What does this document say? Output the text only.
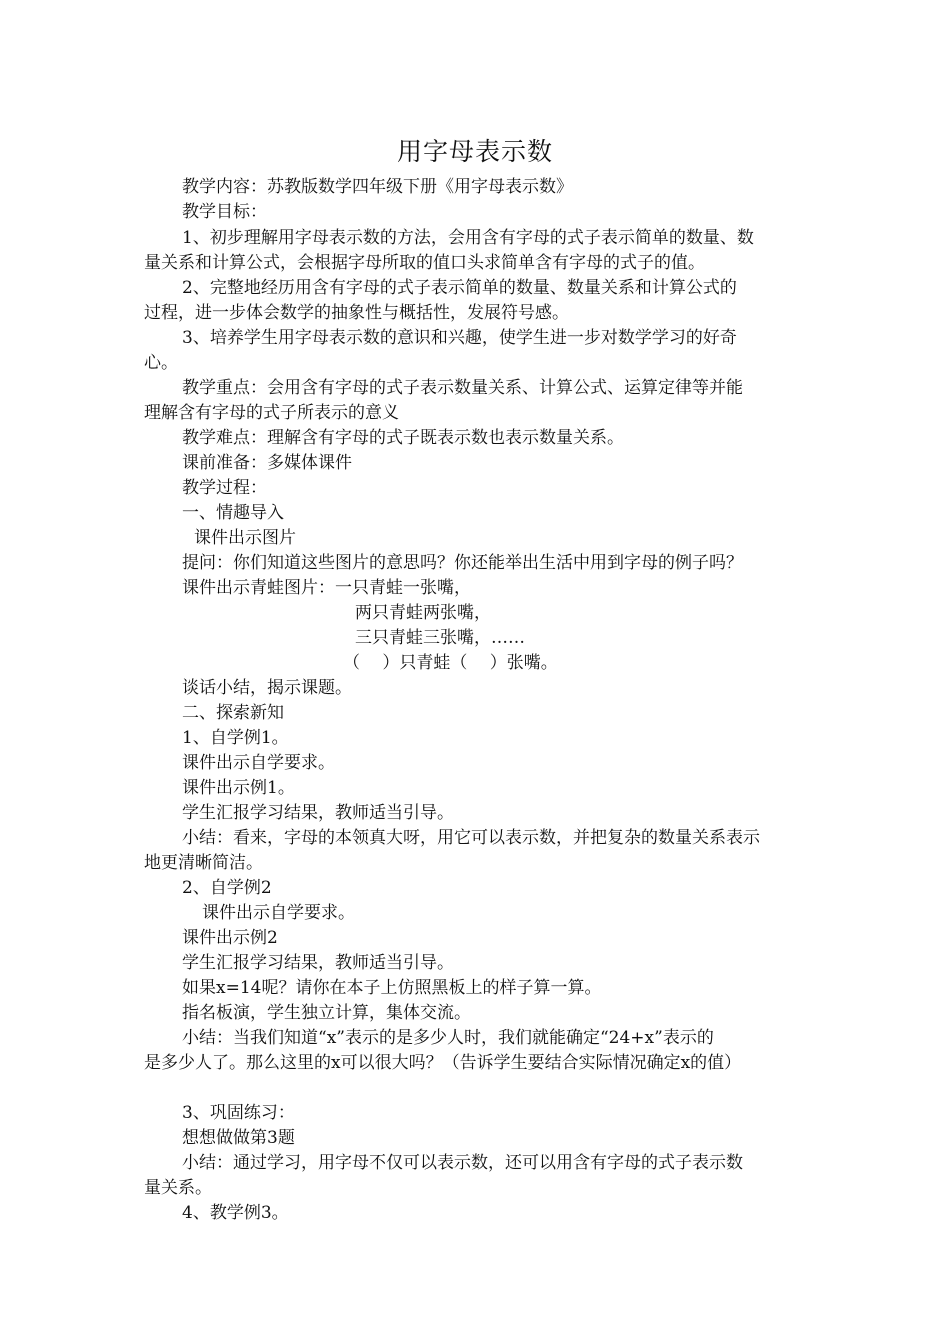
用字母表示数
教学内容：苏教版数学四年级下册《用字母表示数》
教学目标：
1、初步理解用字母表示数的方法，会用含有字母的式子表示简单的数量、数
量关系和计算公式，会根据字母所取的值口头求简单含有字母的式子的值。
2、完整地经历用含有字母的式子表示简单的数量、数量关系和计算公式的
过程，进一步体会数学的抽象性与概括性，发展符号感。
3、培养学生用字母表示数的意识和兴趣，使学生进一步对数学学习的好奇
心。
教学重点：会用含有字母的式子表示数量关系、计算公式、运算定律等并能
理解含有字母的式子所表示的意义
教学难点：理解含有字母的式子既表示数也表示数量关系。
课前准备：多媒体课件
教学过程：
一、情趣导入
课件出示图片
提问：你们知道这些图片的意思吗？你还能举出生活中用到字母的例子吗？
课件出示青蛙图片：一只青蛙一张嘴，
两只青蛙两张嘴，
三只青蛙三张嘴，……
（　 ）只青蛙（　 ）张嘴。
谈话小结，揭示课题。
二、探索新知
1、自学例1。
课件出示自学要求。
课件出示例1。
学生汇报学习结果，教师适当引导。
小结：看来，字母的本领真大呀，用它可以表示数，并把复杂的数量关系表示
地更清晰简洁。
2、自学例2
课件出示自学要求。
课件出示例2
学生汇报学习结果，教师适当引导。
如果x=14呢？请你在本子上仿照黑板上的样子算一算。
指名板演，学生独立计算，集体交流。
小结：当我们知道“x”表示的是多少人时，我们就能确定“24+x”表示的
是多少人了。那么这里的x可以很大吗？（告诉学生要结合实际情况确定x的值）
3、巩固练习：
想想做做第3题
小结：通过学习，用字母不仅可以表示数，还可以用含有字母的式子表示数
量关系。
4、教学例3。
